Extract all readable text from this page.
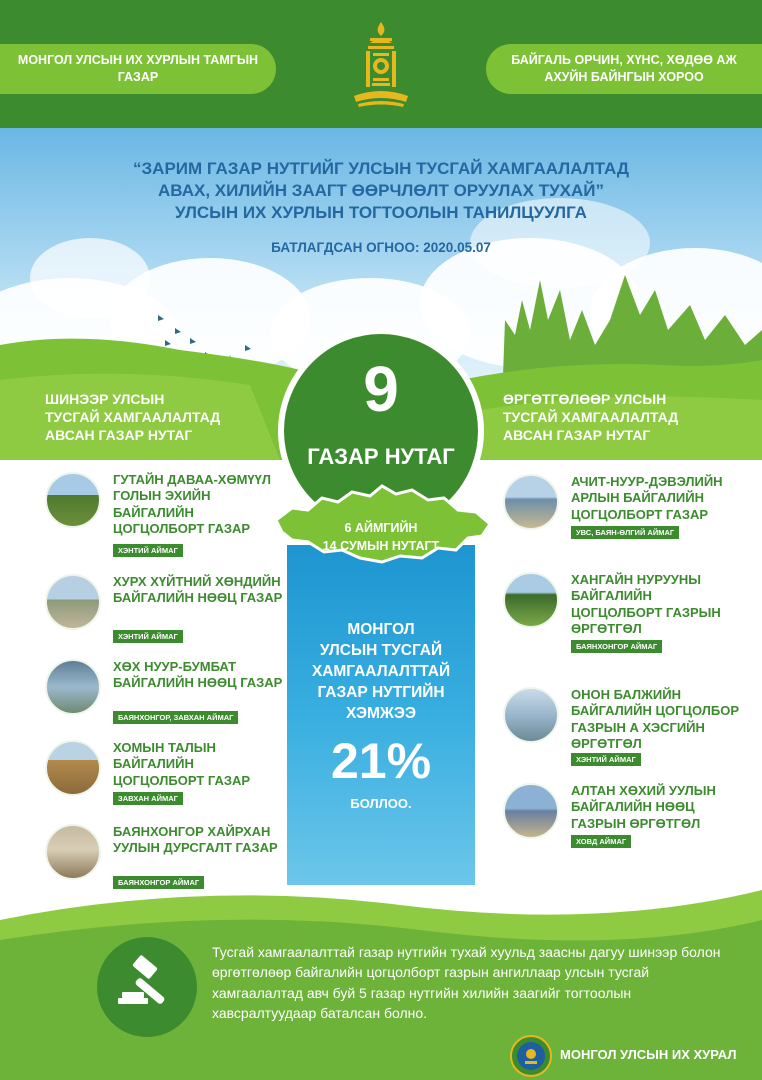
МОНГОЛ УЛСЫН ИХ ХУРЛЫН ТАМГЫН ГАЗАР
БАЙГАЛЬ ОРЧИН, ХҮНС, ХӨДӨӨ АЖ АХУЙН БАЙНГЫН ХОРОО
“ЗАРИМ ГАЗАР НУТГИЙГ УЛСЫН ТУСГАЙ ХАМГААЛАЛТАД
АВАХ, ХИЛИЙН ЗААГТ ӨӨРЧЛӨЛТ ОРУУЛАХ ТУХАЙ”
УЛСЫН ИХ ХУРЛЫН ТОГТООЛЫН ТАНИЛЦУУЛГА
БАТЛАГДСАН ОГНОО: 2020.05.07
ШИНЭЭР УЛСЫН
ТУСГАЙ ХАМГААЛАЛТАД
АВСАН ГАЗАР НУТАГ
ӨРГӨТГӨЛӨӨР УЛСЫН
ТУСГАЙ ХАМГААЛАЛТАД
АВСАН ГАЗАР НУТАГ
9
ГАЗАР НУТАГ
6 АЙМГИЙН
14 СУМЫН НУТАГТ
МОНГОЛ
УЛСЫН ТУСГАЙ
ХАМГААЛАЛТТАЙ
ГАЗАР НУТГИЙН
ХЭМЖЭЭ
21%
БОЛЛОО.
ГУТАЙН ДАВАА-ХӨМҮҮЛ ГОЛЫН ЭХИЙН БАЙГАЛИЙН ЦОГЦОЛБОРТ ГАЗАР
ХЭНТИЙ АЙМАГ
ХУРХ ХҮЙТНИЙ ХӨНДИЙН БАЙГАЛИЙН НӨӨЦ ГАЗАР
ХЭНТИЙ АЙМАГ
ХӨХ НУУР-БУМБАТ БАЙГАЛИЙН НӨӨЦ ГАЗАР
БАЯНХОНГОР, ЗАВХАН АЙМАГ
ХОМЫН ТАЛЫН БАЙГАЛИЙН ЦОГЦОЛБОРТ ГАЗАР
ЗАВХАН АЙМАГ
БАЯНХОНГОР ХАЙРХАН УУЛЫН ДУРСГАЛТ ГАЗАР
БАЯНХОНГОР АЙМАГ
АЧИТ-НУУР-ДЭВЭЛИЙН АРЛЫН БАЙГАЛИЙН ЦОГЦОЛБОРТ ГАЗАР
УВС, БАЯН-ӨЛГИЙ АЙМАГ
ХАНГАЙН НУРУУНЫ БАЙГАЛИЙН ЦОГЦОЛБОРТ ГАЗРЫН ӨРГӨТГӨЛ
БАЯНХОНГОР АЙМАГ
ОНОН БАЛЖИЙН БАЙГАЛИЙН ЦОГЦОЛБОР ГАЗРЫН А ХЭСГИЙН ӨРГӨТГӨЛ
ХЭНТИЙ АЙМАГ
АЛТАН ХӨХИЙ УУЛЫН БАЙГАЛИЙН НӨӨЦ ГАЗРЫН ӨРГӨТГӨЛ
ХОВД АЙМАГ
Тусгай хамгаалалттай газар нутгийн тухай хуульд заасны дагуу шинээр болон өргөтгөлөөр байгалийн цогцолборт газрын ангиллаар улсын тусгай хамгаалалтад авч буй 5 газар нутгийн хилийн заагийг тогтоолын хавсралтуудаар баталсан болно.
МОНГОЛ УЛСЫН ИХ ХУРАЛ
